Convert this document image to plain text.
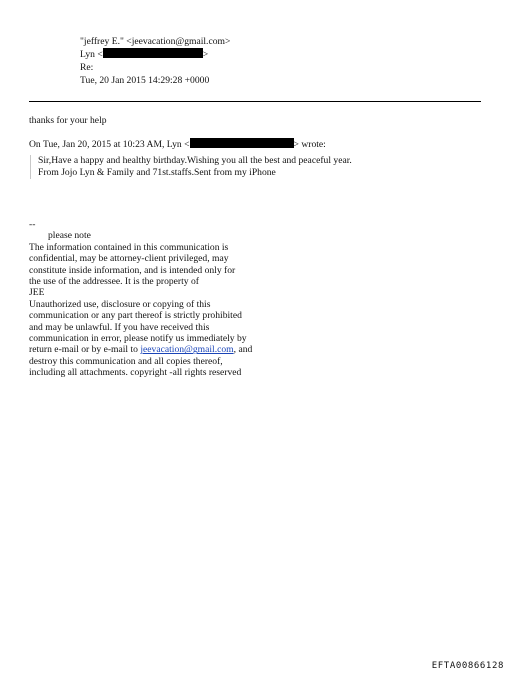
"jeffrey E." <jeevacation@gmail.com>
Lyn <	>
Re:
Tue, 20 Jan 2015 14:29:28 +0000
thanks for your help
On Tue, Jan 20, 2015 at 10:23 AM, Lyn <	> wrote:
Sir,Have a happy and healthy birthday.Wishing you all the best and peaceful year.
From Jojo Lyn & Family and 71st.staffs.Sent from my iPhone
--
please note
The information contained in this communication is
confidential, may be attorney-client privileged, may
constitute inside information, and is intended only for
the use of the addressee. It is the property of
JEE
Unauthorized use, disclosure or copying of this
communication or any part thereof is strictly prohibited
and may be unlawful. If you have received this
communication in error, please notify us immediately by
return e-mail or by e-mail to jeevacation@gmail.com, and
destroy this communication and all copies thereof,
including all attachments. copyright -all rights reserved
EFTA00866128
